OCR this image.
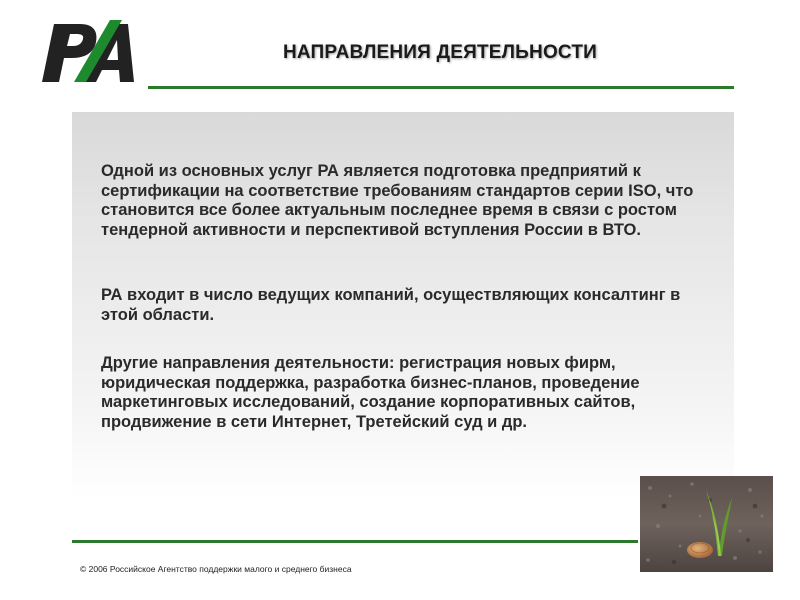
НАПРАВЛЕНИЯ ДЕЯТЕЛЬНОСТИ

Одной из основных услуг РА является подготовка предприятий к сертификации на соответствие требованиям стандартов серии ISO, что становится все более актуальным последнее время в связи с ростом тендерной активности и перспективой вступления России в ВТО.

РА входит в число ведущих компаний, осуществляющих консалтинг в этой области.

Другие направления деятельности: регистрация новых фирм, юридическая поддержка, разработка бизнес-планов, проведение маркетинговых исследований, создание корпоративных сайтов, продвижение в сети Интернет, Третейский суд и др.

© 2006 Российское Агентство поддержки малого и среднего бизнеса
